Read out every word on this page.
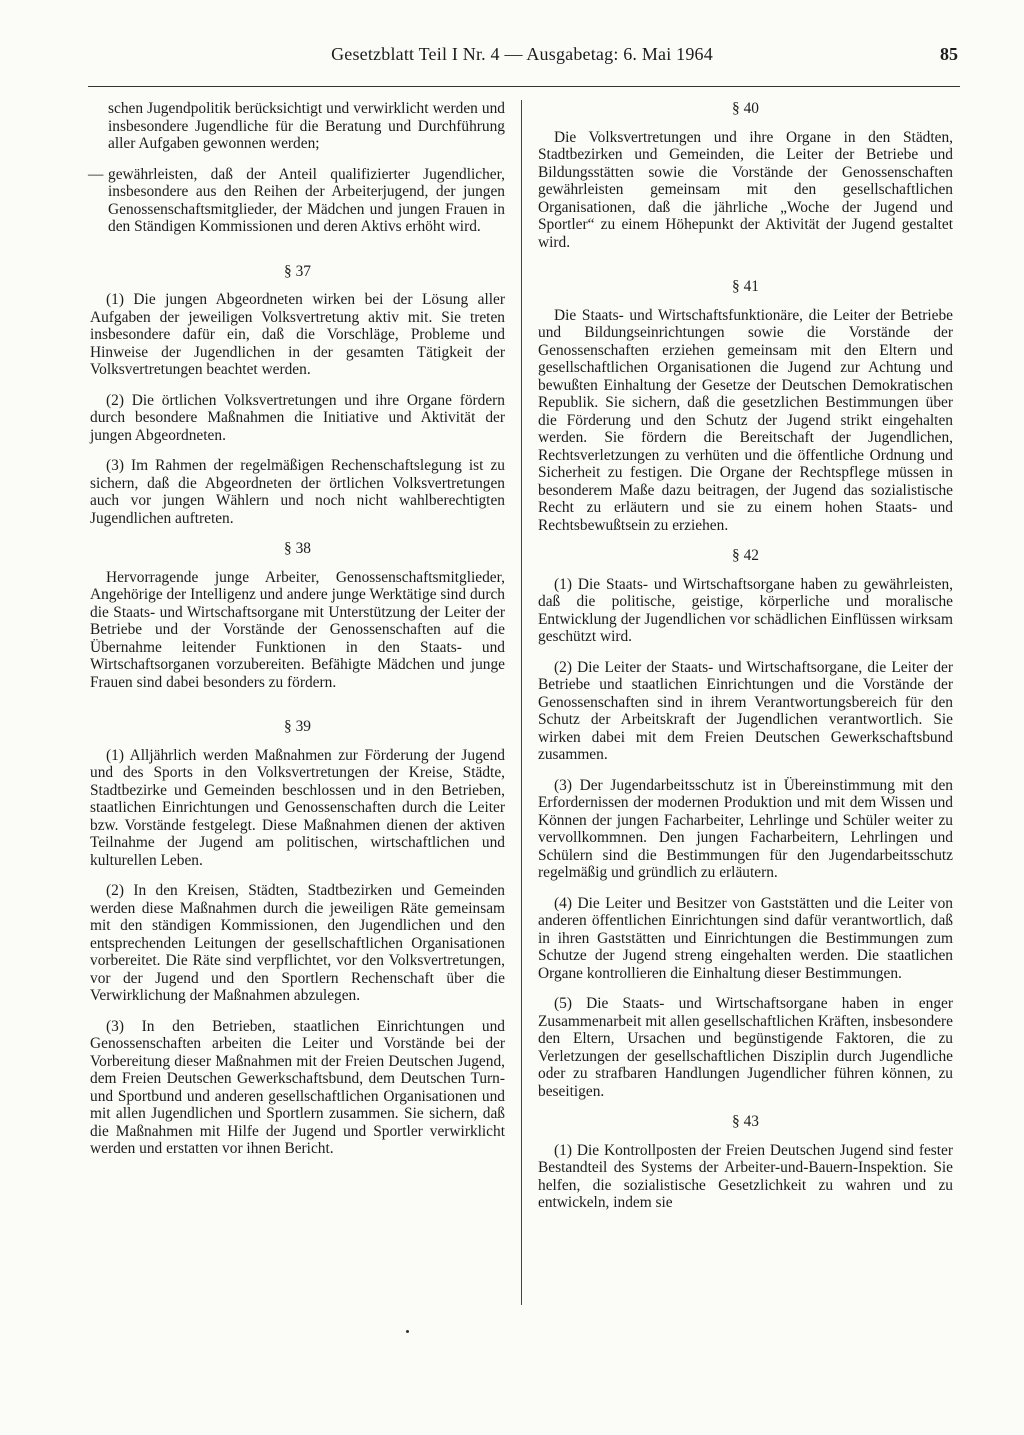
Gesetzblatt Teil I Nr. 4 — Ausgabetag: 6. Mai 1964	85

schen Jugendpolitik berücksichtigt und verwirklicht werden und insbesondere Jugendliche für die Beratung und Durchführung aller Aufgaben gewonnen werden;

— gewährleisten, daß der Anteil qualifizierter Jugendlicher, insbesondere aus den Reihen der Arbeiterjugend, der jungen Genossenschaftsmitglieder, der Mädchen und jungen Frauen in den Ständigen Kommissionen und deren Aktivs erhöht wird.
§ 37

(1) Die jungen Abgeordneten wirken bei der Lösung aller Aufgaben der jeweiligen Volksvertretung aktiv mit. Sie treten insbesondere dafür ein, daß die Vorschläge, Probleme und Hinweise der Jugendlichen in der gesamten Tätigkeit der Volksvertretungen beachtet werden.

(2) Die örtlichen Volksvertretungen und ihre Organe fördern durch besondere Maßnahmen die Initiative und Aktivität der jungen Abgeordneten.

(3) Im Rahmen der regelmäßigen Rechenschaftslegung ist zu sichern, daß die Abgeordneten der örtlichen Volksvertretungen auch vor jungen Wählern und noch nicht wahlberechtigten Jugendlichen auftreten.

§ 38

Hervorragende junge Arbeiter, Genossenschaftsmitglieder, Angehörige der Intelligenz und andere junge Werktätige sind durch die Staats- und Wirtschaftsorgane mit Unterstützung der Leiter der Betriebe und der Vorstände der Genossenschaften auf die Übernahme leitender Funktionen in den Staats- und Wirtschaftsorganen vorzubereiten. Befähigte Mädchen und junge Frauen sind dabei besonders zu fördern.

§ 39

(1) Alljährlich werden Maßnahmen zur Förderung der Jugend und des Sports in den Volksvertretungen der Kreise, Städte, Stadtbezirke und Gemeinden beschlossen und in den Betrieben, staatlichen Einrichtungen und Genossenschaften durch die Leiter bzw. Vorstände festgelegt. Diese Maßnahmen dienen der aktiven Teilnahme der Jugend am politischen, wirtschaftlichen und kulturellen Leben.

(2) In den Kreisen, Städten, Stadtbezirken und Gemeinden werden diese Maßnahmen durch die jeweiligen Räte gemeinsam mit den ständigen Kommissionen, den Jugendlichen und den entsprechenden Leitungen der gesellschaftlichen Organisationen vorbereitet. Die Räte sind verpflichtet, vor den Volksvertretungen, vor der Jugend und den Sportlern Rechenschaft über die Verwirklichung der Maßnahmen abzulegen.

(3) In den Betrieben, staatlichen Einrichtungen und Genossenschaften arbeiten die Leiter und Vorstände bei der Vorbereitung dieser Maßnahmen mit der Freien Deutschen Jugend, dem Freien Deutschen Gewerkschaftsbund, dem Deutschen Turn- und Sportbund und anderen gesellschaftlichen Organisationen und mit allen Jugendlichen und Sportlern zusammen. Sie sichern, daß die Maßnahmen mit Hilfe der Jugend und Sportler verwirklicht werden und erstatten vor ihnen Bericht.

§ 40

Die Volksvertretungen und ihre Organe in den Städten, Stadtbezirken und Gemeinden, die Leiter der Betriebe und Bildungsstätten sowie die Vorstände der Genossenschaften gewährleisten gemeinsam mit den gesellschaftlichen Organisationen, daß die jährliche „Woche der Jugend und Sportler“ zu einem Höhepunkt der Aktivität der Jugend gestaltet wird.

§ 41

Die Staats- und Wirtschaftsfunktionäre, die Leiter der Betriebe und Bildungseinrichtungen sowie die Vorstände der Genossenschaften erziehen gemeinsam mit den Eltern und gesellschaftlichen Organisationen die Jugend zur Achtung und bewußten Einhaltung der Gesetze der Deutschen Demokratischen Republik. Sie sichern, daß die gesetzlichen Bestimmungen über die Förderung und den Schutz der Jugend strikt eingehalten werden. Sie fördern die Bereitschaft der Jugendlichen, Rechtsverletzungen zu verhüten und die öffentliche Ordnung und Sicherheit zu festigen. Die Organe der Rechtspflege müssen in besonderem Maße dazu beitragen, der Jugend das sozialistische Recht zu erläutern und sie zu einem hohen Staats- und Rechtsbewußtsein zu erziehen.

§ 42

(1) Die Staats- und Wirtschaftsorgane haben zu gewährleisten, daß die politische, geistige, körperliche und moralische Entwicklung der Jugendlichen vor schädlichen Einflüssen wirksam geschützt wird.

(2) Die Leiter der Staats- und Wirtschaftsorgane, die Leiter der Betriebe und staatlichen Einrichtungen und die Vorstände der Genossenschaften sind in ihrem Verantwortungsbereich für den Schutz der Arbeitskraft der Jugendlichen verantwortlich. Sie wirken dabei mit dem Freien Deutschen Gewerkschaftsbund zusammen.

(3) Der Jugendarbeitsschutz ist in Übereinstimmung mit den Erfordernissen der modernen Produktion und mit dem Wissen und Können der jungen Facharbeiter, Lehrlinge und Schüler weiter zu vervollkommnen. Den jungen Facharbeitern, Lehrlingen und Schülern sind die Bestimmungen für den Jugendarbeitsschutz regelmäßig und gründlich zu erläutern.

(4) Die Leiter und Besitzer von Gaststätten und die Leiter von anderen öffentlichen Einrichtungen sind dafür verantwortlich, daß in ihren Gaststätten und Einrichtungen die Bestimmungen zum Schutze der Jugend streng eingehalten werden. Die staatlichen Organe kontrollieren die Einhaltung dieser Bestimmungen.

(5) Die Staats- und Wirtschaftsorgane haben in enger Zusammenarbeit mit allen gesellschaftlichen Kräften, insbesondere den Eltern, Ursachen und begünstigende Faktoren, die zu Verletzungen der gesellschaftlichen Disziplin durch Jugendliche oder zu strafbaren Handlungen Jugendlicher führen können, zu beseitigen.

§ 43

(1) Die Kontrollposten der Freien Deutschen Jugend sind fester Bestandteil des Systems der Arbeiter-und-Bauern-Inspektion. Sie helfen, die sozialistische Gesetzlichkeit zu wahren und zu entwickeln, indem sie
